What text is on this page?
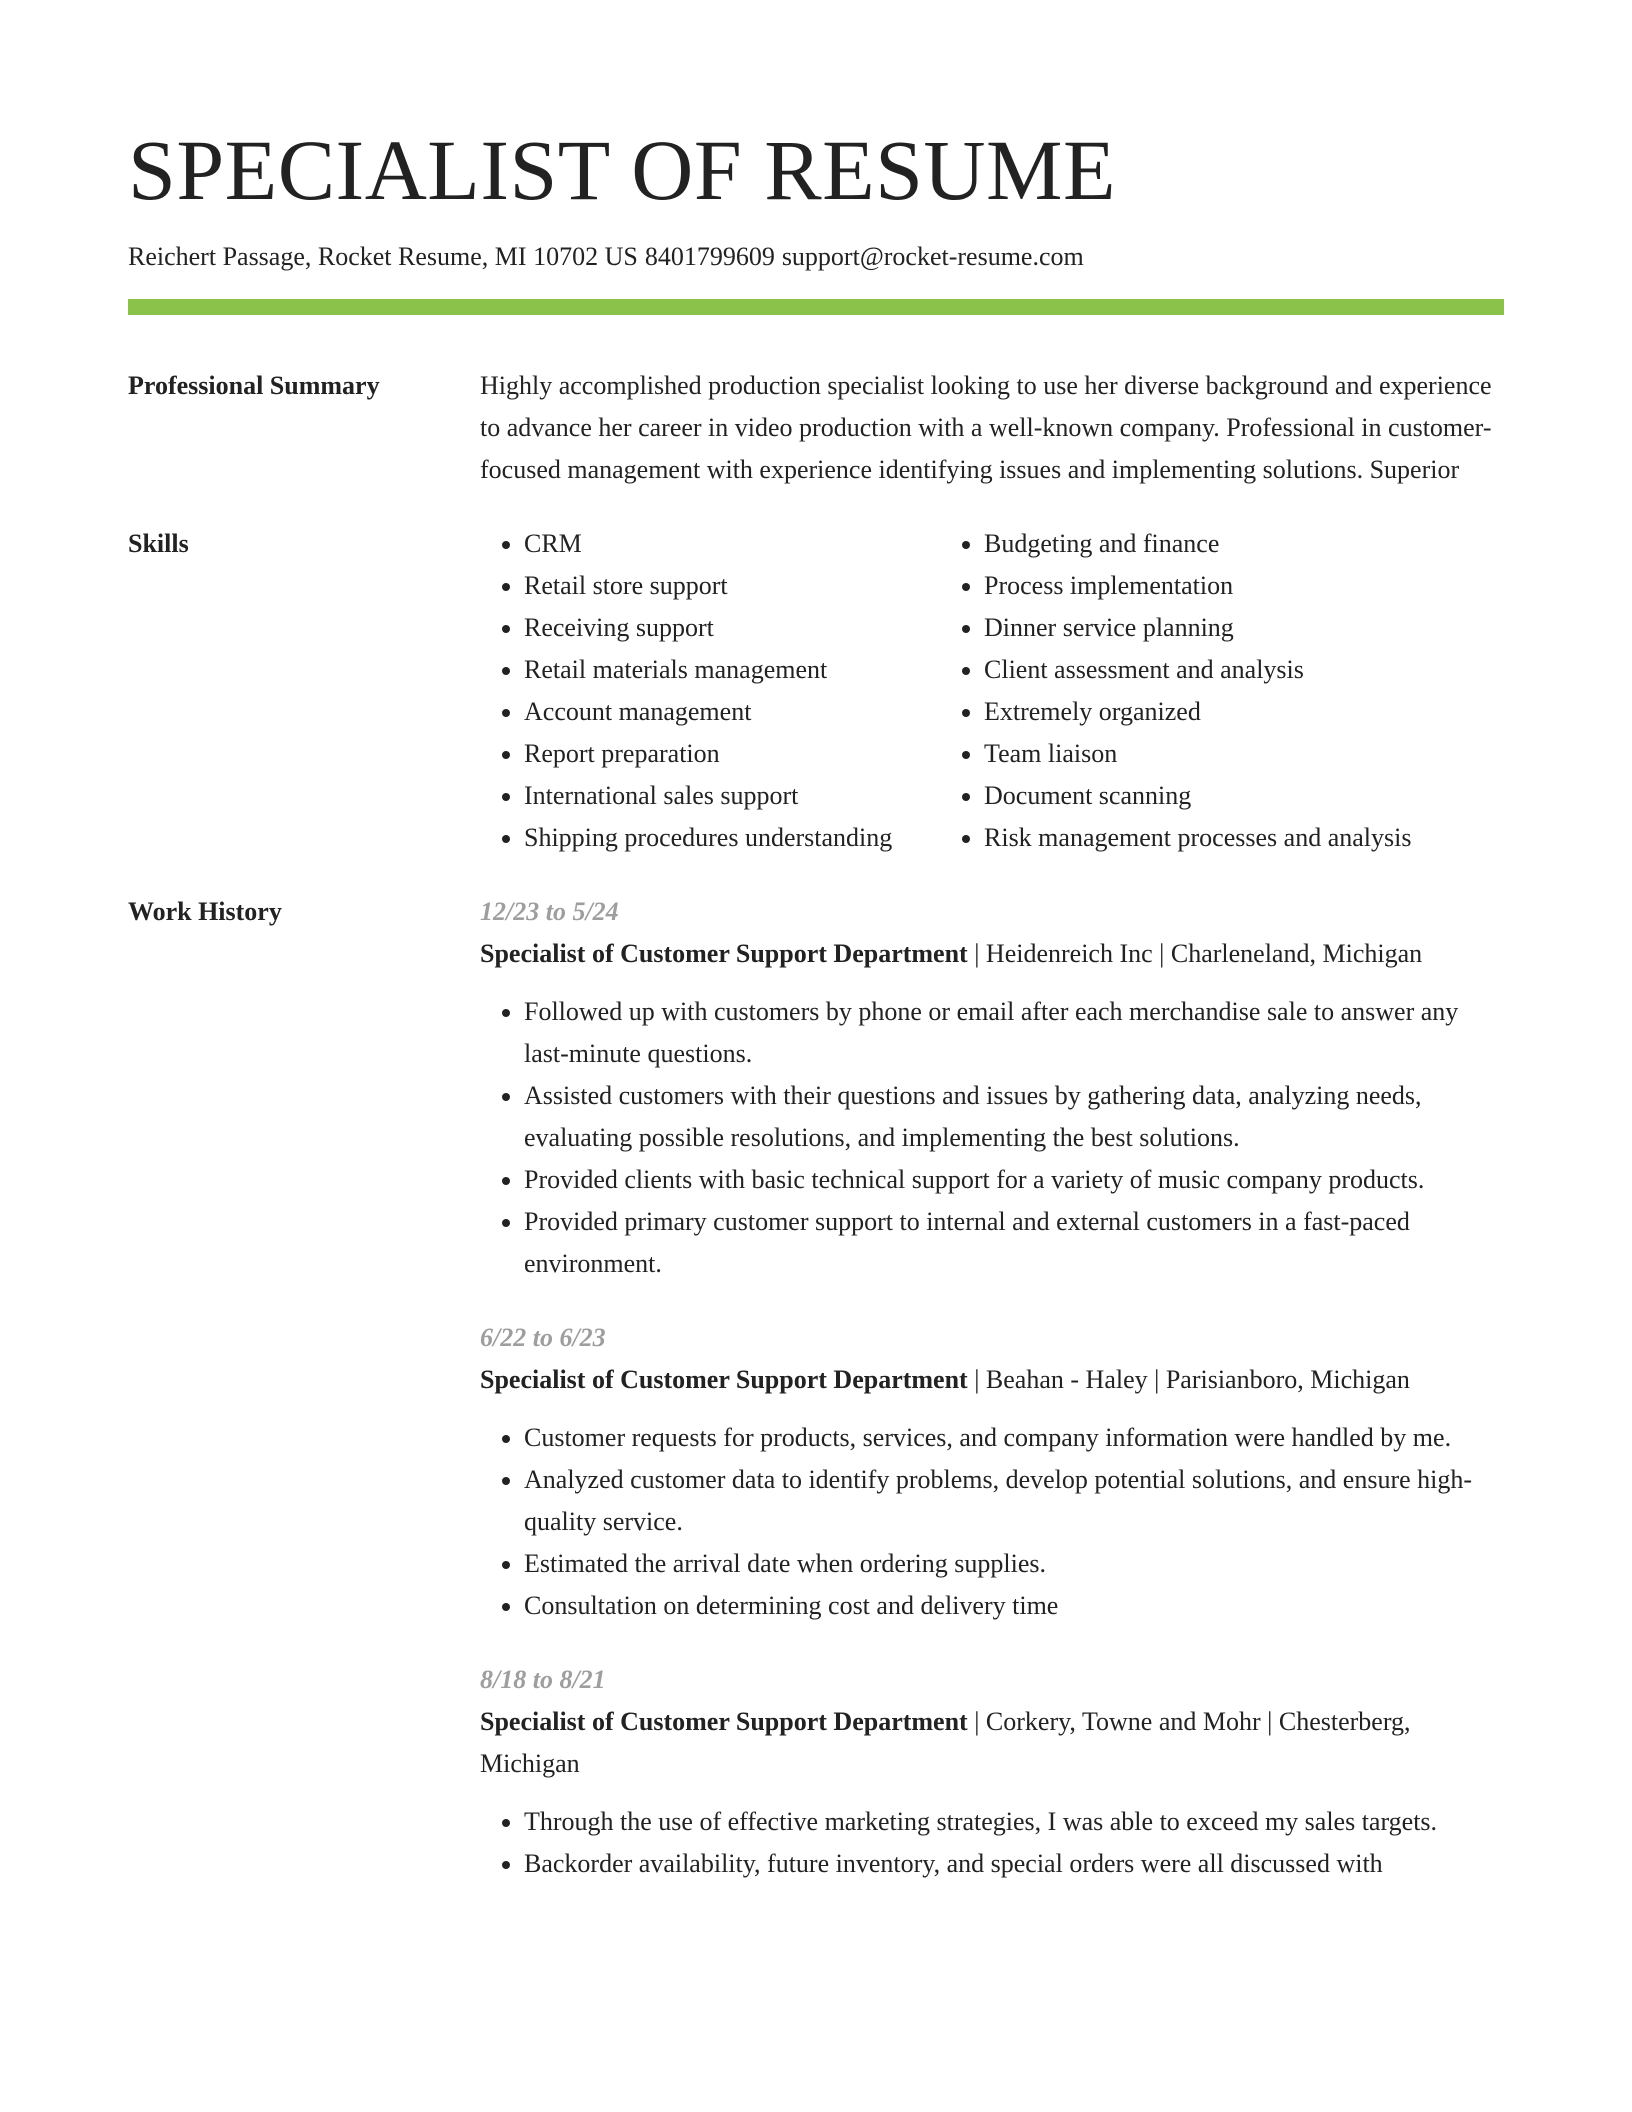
SPECIALIST OF RESUME
Reichert Passage, Rocket Resume, MI 10702 US 8401799609 support@rocket-resume.com
Professional Summary	Highly accomplished production specialist looking to use her diverse background and experience to advance her career in video production with a well-known company. Professional in customer-focused management with experience identifying issues and implementing solutions. Superior
Skills
•	CRM
• Retail store support
• Receiving support
• Retail materials management
• Account management
• Report preparation
• International sales support
• Shipping procedures understanding
• Budgeting and finance
• Process implementation
• Dinner service planning
• Client assessment and analysis
• Extremely organized
• Team liaison
• Document scanning
• Risk management processes and analysis
Work History	12/23 to 5/24
Specialist of Customer Support Department | Heidenreich Inc | Charleneland, Michigan
• Followed up with customers by phone or email after each merchandise sale to answer any last-minute questions.
• Assisted customers with their questions and issues by gathering data, analyzing needs, evaluating possible resolutions, and implementing the best solutions.
• Provided clients with basic technical support for a variety of music company products.
• Provided primary customer support to internal and external customers in a fast-paced environment.
6/22 to 6/23
Specialist of Customer Support Department | Beahan - Haley | Parisianboro, Michigan
• Customer requests for products, services, and company information were handled by me.
• Analyzed customer data to identify problems, develop potential solutions, and ensure high-quality service.
• Estimated the arrival date when ordering supplies.
• Consultation on determining cost and delivery time
8/18 to 8/21
Specialist of Customer Support Department | Corkery, Towne and Mohr | Chesterberg, Michigan
• Through the use of effective marketing strategies, I was able to exceed my sales targets.
• Backorder availability, future inventory, and special orders were all discussed with
